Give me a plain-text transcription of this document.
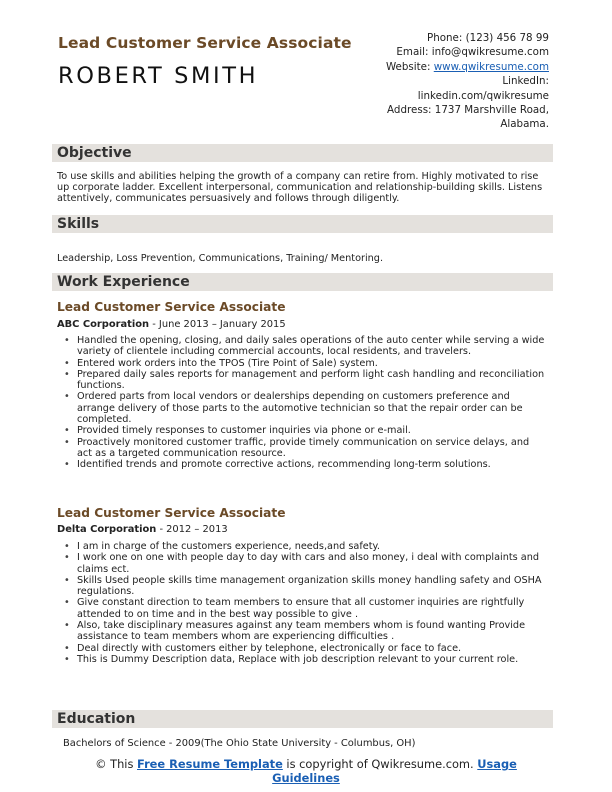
Lead Customer Service Associate
ROBERT SMITH
Phone: (123) 456 78 99
Email: info@qwikresume.com
Website: www.qwikresume.com
LinkedIn:
linkedin.com/qwikresume
Address: 1737 Marshville Road,
Alabama.
Objective
To use skills and abilities helping the growth of a company can retire from. Highly motivated to rise up corporate ladder. Excellent interpersonal, communication and relationship-building skills. Listens attentively, communicates persuasively and follows through diligently.
Skills
Leadership, Loss Prevention, Communications, Training/ Mentoring.
Work Experience
Lead Customer Service Associate
ABC Corporation - June 2013 – January 2015
• Handled the opening, closing, and daily sales operations of the auto center while serving a wide variety of clientele including commercial accounts, local residents, and travelers.
• Entered work orders into the TPOS (Tire Point of Sale) system.
• Prepared daily sales reports for management and perform light cash handling and reconciliation functions.
• Ordered parts from local vendors or dealerships depending on customers preference and arrange delivery of those parts to the automotive technician so that the repair order can be completed.
• Provided timely responses to customer inquiries via phone or e-mail.
• Proactively monitored customer traffic, provide timely communication on service delays, and act as a targeted communication resource.
• Identified trends and promote corrective actions, recommending long-term solutions.
Lead Customer Service Associate
Delta Corporation - 2012 – 2013
• I am in charge of the customers experience, needs,and safety.
• I work one on one with people day to day with cars and also money, i deal with complaints and claims ect.
• Skills Used people skills time management organization skills money handling safety and OSHA regulations.
• Give constant direction to team members to ensure that all customer inquiries are rightfully attended to on time and in the best way possible to give .
• Also, take disciplinary measures against any team members whom is found wanting Provide assistance to team members whom are experiencing difficulties .
• Deal directly with customers either by telephone, electronically or face to face.
• This is Dummy Description data, Replace with job description relevant to your current role.
Education
Bachelors of Science - 2009(The Ohio State University - Columbus, OH)
© This Free Resume Template is copyright of Qwikresume.com. Usage
Guidelines
